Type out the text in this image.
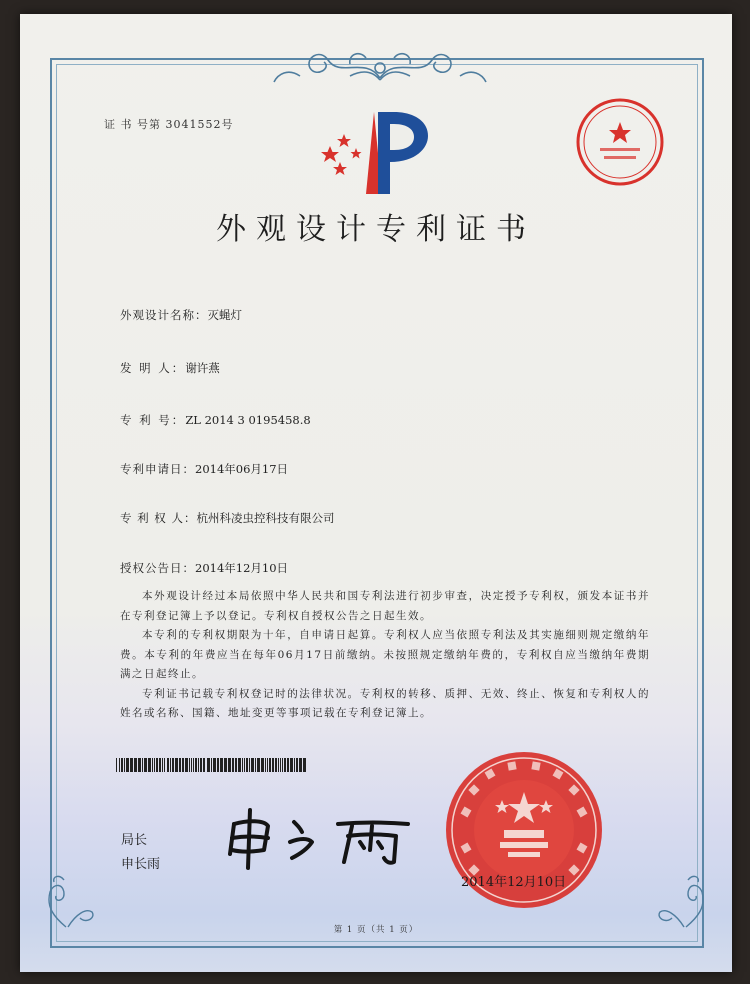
证 书 号第 3041552号
外观设计专利证书
外观设计名称：灭蝇灯
发 明 人：谢许燕
专 利 号：ZL 2014 3 0195458.8
专利申请日：2014年06月17日
专 利 权 人：杭州科凌虫控科技有限公司
授权公告日：2014年12月10日

本外观设计经过本局依照中华人民共和国专利法进行初步审查，决定授予专利权，颁发本证书并在专利登记簿上予以登记。专利权自授权公告之日起生效。

本专利的专利权期限为十年，自申请日起算。专利权人应当依照专利法及其实施细则规定缴纳年费。本专利的年费应当在每年06月17日前缴纳。未按照规定缴纳年费的，专利权自应当缴纳年费期满之日起终止。

专利证书记载专利权登记时的法律状况。专利权的转移、质押、无效、终止、恢复和专利权人的姓名或名称、国籍、地址变更等事项记载在专利登记簿上。

局长
申长雨
2014年12月10日
第 1 页（共 1 页）
